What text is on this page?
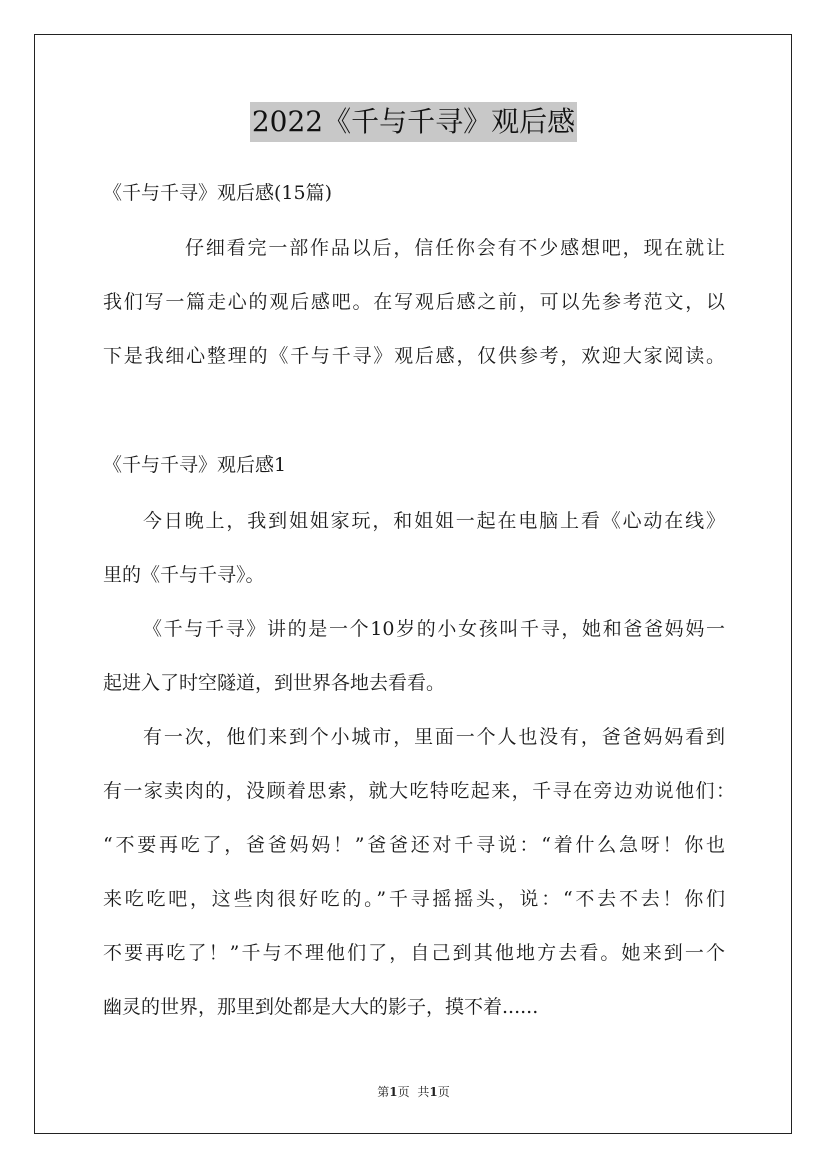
2022《千与千寻》观后感
《千与千寻》观后感(15篇)
仔细看完一部作品以后，信任你会有不少感想吧，现在就让
我们写一篇走心的观后感吧。在写观后感之前，可以先参考范文，以
下是我细心整理的《千与千寻》观后感，仅供参考，欢迎大家阅读。
《千与千寻》观后感1
今日晚上，我到姐姐家玩，和姐姐一起在电脑上看《心动在线》
里的《千与千寻》。
《千与千寻》讲的是一个10岁的小女孩叫千寻，她和爸爸妈妈一
起进入了时空隧道，到世界各地去看看。
有一次，他们来到个小城市，里面一个人也没有，爸爸妈妈看到
有一家卖肉的，没顾着思索，就大吃特吃起来，千寻在旁边劝说他们：
“不要再吃了，爸爸妈妈！”爸爸还对千寻说：“着什么急呀！你也
来吃吃吧，这些肉很好吃的。”千寻摇摇头，说：“不去不去！你们
不要再吃了！”千与不理他们了，自己到其他地方去看。她来到一个
幽灵的世界，那里到处都是大大的影子，摸不着......
第1页 共1页
